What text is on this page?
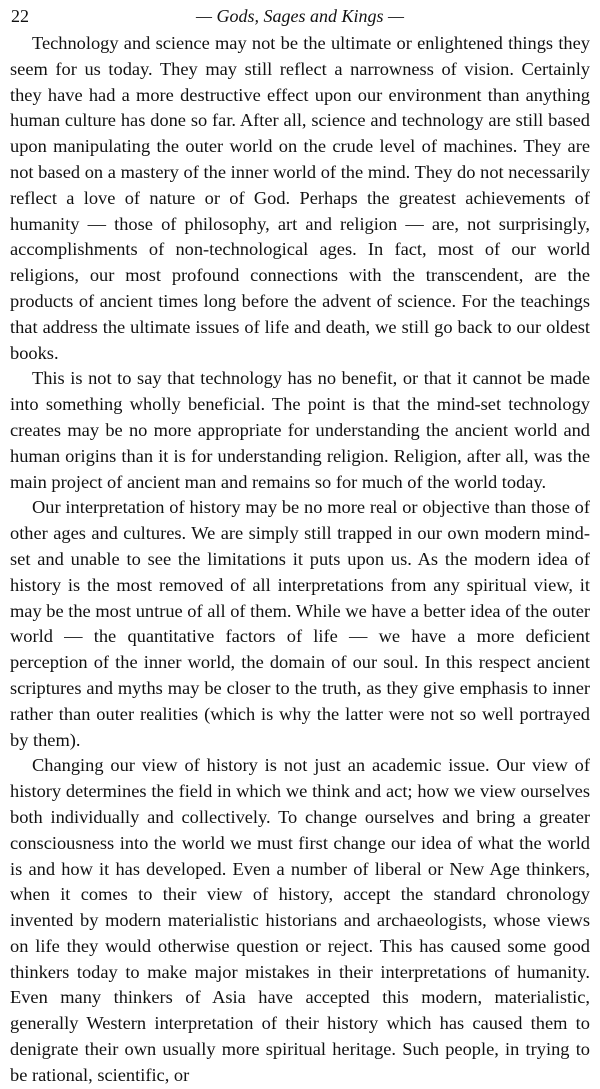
22	— Gods, Sages and Kings —

Technology and science may not be the ultimate or enlightened things they seem for us today. They may still reflect a narrowness of vision. Certainly they have had a more destructive effect upon our environment than anything human culture has done so far. After all, science and technology are still based upon manipulating the outer world on the crude level of machines. They are not based on a mastery of the inner world of the mind. They do not necessarily reflect a love of nature or of God. Perhaps the greatest achievements of humanity — those of philosophy, art and religion — are, not surprisingly, accomplishments of non-technological ages. In fact, most of our world religions, our most profound connections with the transcendent, are the products of ancient times long before the advent of science. For the teachings that address the ultimate issues of life and death, we still go back to our oldest books.

This is not to say that technology has no benefit, or that it cannot be made into something wholly beneficial. The point is that the mind-set technology creates may be no more appropriate for understanding the ancient world and human origins than it is for understanding religion. Religion, after all, was the main project of ancient man and remains so for much of the world today.

Our interpretation of history may be no more real or objective than those of other ages and cultures. We are simply still trapped in our own modern mind-set and unable to see the limitations it puts upon us. As the modern idea of history is the most removed of all interpretations from any spiritual view, it may be the most untrue of all of them. While we have a better idea of the outer world — the quantitative factors of life — we have a more deficient perception of the inner world, the domain of our soul. In this respect ancient scriptures and myths may be closer to the truth, as they give emphasis to inner rather than outer realities (which is why the latter were not so well portrayed by them).

Changing our view of history is not just an academic issue. Our view of history determines the field in which we think and act; how we view ourselves both individually and collectively. To change ourselves and bring a greater consciousness into the world we must first change our idea of what the world is and how it has developed. Even a number of liberal or New Age thinkers, when it comes to their view of history, accept the standard chronology invented by modern materialistic historians and archaeologists, whose views on life they would otherwise question or reject. This has caused some good thinkers today to make major mistakes in their interpretations of humanity. Even many thinkers of Asia have accepted this modern, materialistic, generally Western interpretation of their history which has caused them to denigrate their own usually more spiritual heritage. Such people, in trying to be rational, scientific, or
